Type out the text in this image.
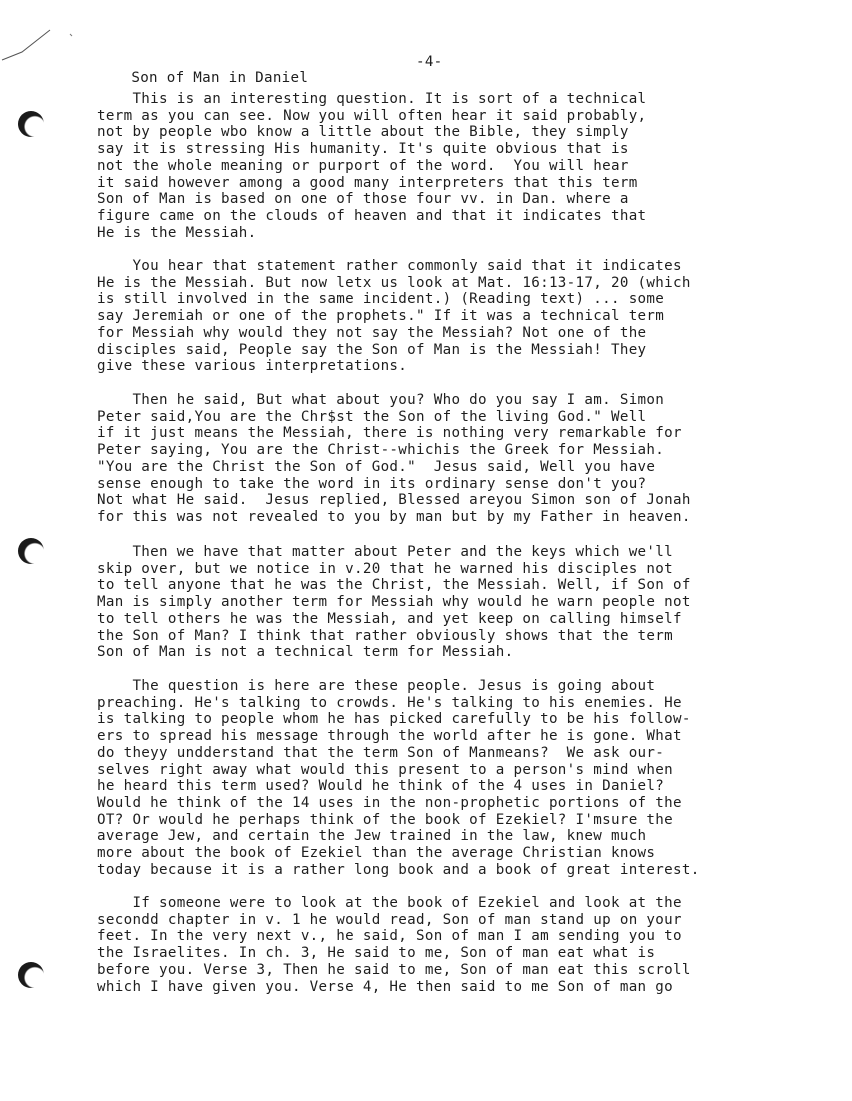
Son of Man in Daniel

-4-

This is an interesting question. It is sort of a technical
term as you can see. Now you will often hear it said probably,
not by people wbo know a little about the Bible, they simply
say it is stressing His humanity. It's quite obvious that is
not the whole meaning or purport of the word.  You will hear
it said however among a good many interpreters that this term
Son of Man is based on one of those four vv. in Dan. where a
figure came on the clouds of heaven and that it indicates that
He is the Messiah.
You hear that statement rather commonly said that it indicates
He is the Messiah. But now letx us look at Mat. 16:13-17, 20 (which
is still involved in the same incident.) (Reading text) ... some
say Jeremiah or one of the prophets." If it was a technical term
for Messiah why would they not say the Messiah? Not one of the
disciples said, People say the Son of Man is the Messiah! They
give these various interpretations.
Then he said, But what about you? Who do you say I am. Simon
Peter said,You are the Chr$st the Son of the living God." Well
if it just means the Messiah, there is nothing very remarkable for
Peter saying, You are the Christ--whichis the Greek for Messiah.
"You are the Christ the Son of God."  Jesus said, Well you have
sense enough to take the word in its ordinary sense don't you?
Not what He said.  Jesus replied, Blessed areyou Simon son of Jonah
for this was not revealed to you by man but by my Father in heaven.
Then we have that matter about Peter and the keys which we'll
skip over, but we notice in v.20 that he warned his disciples not
to tell anyone that he was the Christ, the Messiah. Well, if Son of
Man is simply another term for Messiah why would he warn people not
to tell others he was the Messiah, and yet keep on calling himself
the Son of Man? I think that rather obviously shows that the term
Son of Man is not a technical term for Messiah.
The question is here are these people. Jesus is going about
preaching. He's talking to crowds. He's talking to his enemies. He
is talking to people whom he has picked carefully to be his follow-
ers to spread his message through the world after he is gone. What
do theyy undderstand that the term Son of Manmeans?  We ask our-
selves right away what would this present to a person's mind when
he heard this term used? Would he think of the 4 uses in Daniel?
Would he think of the 14 uses in the non-prophetic portions of the
OT? Or would he perhaps think of the book of Ezekiel? I'msure the
average Jew, and certain the Jew trained in the law, knew much
more about the book of Ezekiel than the average Christian knows
today because it is a rather long book and a book of great interest.
If someone were to look at the book of Ezekiel and look at the
secondd chapter in v. 1 he would read, Son of man stand up on your
feet. In the very next v., he said, Son of man I am sending you to
the Israelites. In ch. 3, He said to me, Son of man eat what is
before you. Verse 3, Then he said to me, Son of man eat this scroll
which I have given you. Verse 4, He then said to me Son of man go
